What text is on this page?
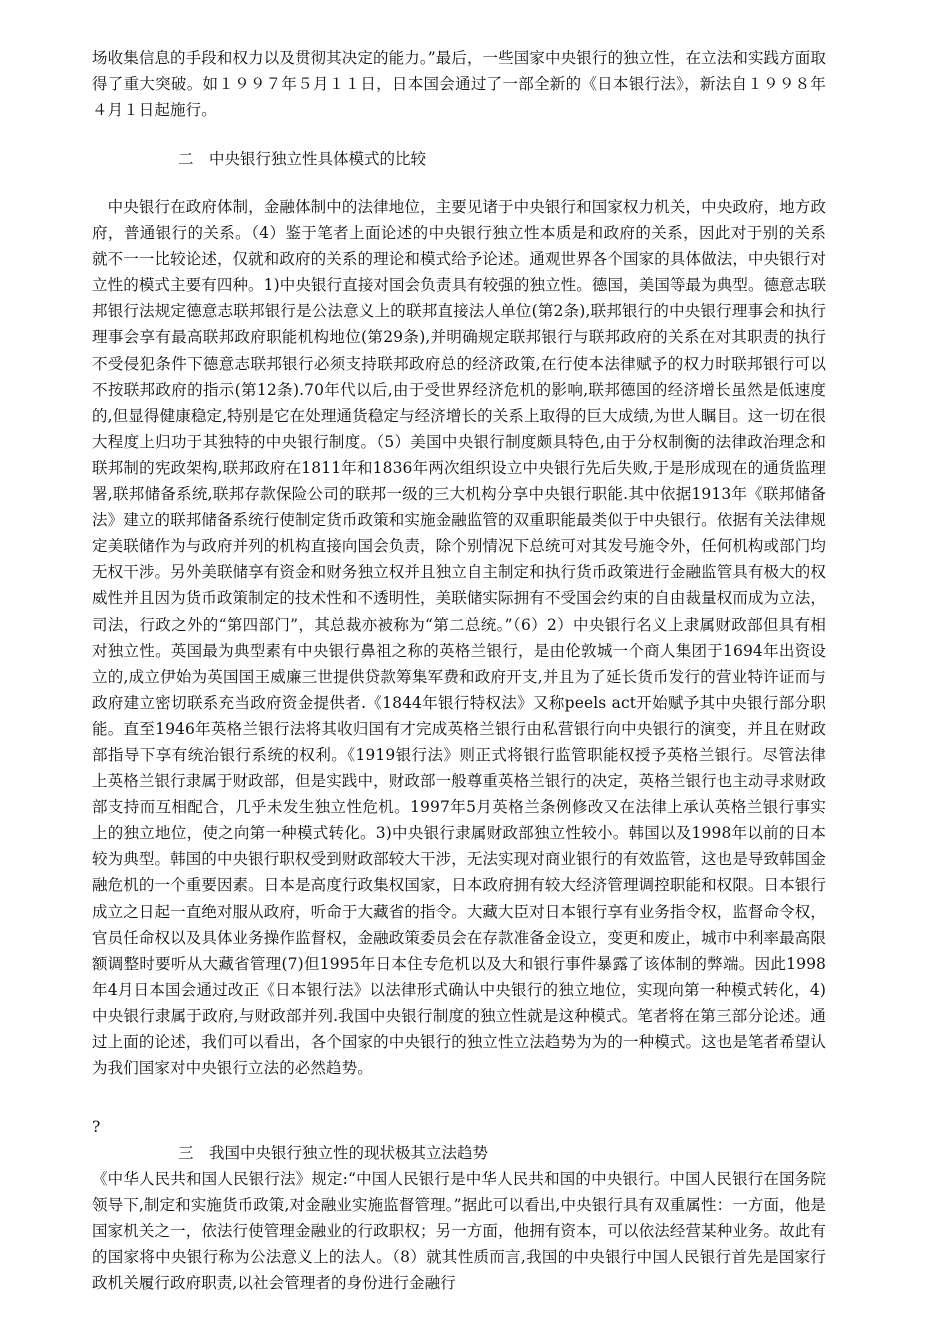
场收集信息的手段和权力以及贯彻其决定的能力。”最后，一些国家中央银行的独立性，在立法和实践方面取得了重大突破。如１９９７年５月１１日，日本国会通过了一部全新的《日本银行法》，新法自１９９８年４月１日起施行。
二　中央银行独立性具体模式的比较
　中央银行在政府体制，金融体制中的法律地位，主要见诸于中央银行和国家权力机关，中央政府，地方政府，普通银行的关系。（4）鉴于笔者上面论述的中央银行独立性本质是和政府的关系，因此对于别的关系就不一一比较论述，仅就和政府的关系的理论和模式给予论述。通观世界各个国家的具体做法，中央银行对立性的模式主要有四种。1)中央银行直接对国会负责具有较强的独立性。德国，美国等最为典型。德意志联邦银行法规定德意志联邦银行是公法意义上的联邦直接法人单位(第2条),联邦银行的中央银行理事会和执行理事会享有最高联邦政府职能机构地位(第29条),并明确规定联邦银行与联邦政府的关系在对其职责的执行不受侵犯条件下德意志联邦银行必须支持联邦政府总的经济政策,在行使本法律赋予的权力时联邦银行可以不按联邦政府的指示(第12条).70年代以后,由于受世界经济危机的影响,联邦德国的经济增长虽然是低速度的,但显得健康稳定,特别是它在处理通货稳定与经济增长的关系上取得的巨大成绩,为世人瞩目。这一切在很大程度上归功于其独特的中央银行制度。（5）美国中央银行制度颇具特色,由于分权制衡的法律政治理念和联邦制的宪政架构,联邦政府在1811年和1836年两次组织设立中央银行先后失败,于是形成现在的通货监理署,联邦储备系统,联邦存款保险公司的联邦一级的三大机构分享中央银行职能.其中依据1913年《联邦储备法》建立的联邦储备系统行使制定货币政策和实施金融监管的双重职能最类似于中央银行。依据有关法律规定美联储作为与政府并列的机构直接向国会负责，除个别情况下总统可对其发号施令外，任何机构或部门均无权干涉。另外美联储享有资金和财务独立权并且独立自主制定和执行货币政策进行金融监管具有极大的权威性并且因为货币政策制定的技术性和不透明性，美联储实际拥有不受国会约束的自由裁量权而成为立法，司法，行政之外的“第四部门”，其总裁亦被称为“第二总统。”（6）2）中央银行名义上隶属财政部但具有相对独立性。英国最为典型素有中央银行鼻祖之称的英格兰银行，是由伦敦城一个商人集团于1694年出资设立的,成立伊始为英国国王威廉三世提供贷款筹集军费和政府开支,并且为了延长货币发行的营业特许证而与政府建立密切联系充当政府资金提供者.《1844年银行特权法》又称peels act开始赋予其中央银行部分职能。直至1946年英格兰银行法将其收归国有才完成英格兰银行由私营银行向中央银行的演变，并且在财政部指导下享有统治银行系统的权利。《1919银行法》则正式将银行监管职能权授予英格兰银行。尽管法律上英格兰银行隶属于财政部，但是实践中，财政部一般尊重英格兰银行的决定，英格兰银行也主动寻求财政部支持而互相配合，几乎未发生独立性危机。1997年5月英格兰条例修改又在法律上承认英格兰银行事实上的独立地位，使之向第一种模式转化。3)中央银行隶属财政部独立性较小。韩国以及1998年以前的日本较为典型。韩国的中央银行职权受到财政部较大干涉，无法实现对商业银行的有效监管，这也是导致韩国金融危机的一个重要因素。日本是高度行政集权国家，日本政府拥有较大经济管理调控职能和权限。日本银行成立之日起一直绝对服从政府，听命于大藏省的指令。大藏大臣对日本银行享有业务指令权，监督命令权，官员任命权以及具体业务操作监督权，金融政策委员会在存款准备金设立，变更和废止，城市中利率最高限额调整时要听从大藏省管理(7)但1995年日本住专危机以及大和银行事件暴露了该体制的弊端。因此1998年4月日本国会通过改正《日本银行法》以法律形式确认中央银行的独立地位，实现向第一种模式转化，4)中央银行隶属于政府,与财政部并列.我国中央银行制度的独立性就是这种模式。笔者将在第三部分论述。通过上面的论述，我们可以看出，各个国家的中央银行的独立性立法趋势为为的一种模式。这也是笔者希望认为我们国家对中央银行立法的必然趋势。
?
三　我国中央银行独立性的现状极其立法趋势
《中华人民共和国人民银行法》规定:“中国人民银行是中华人民共和国的中央银行。中国人民银行在国务院领导下,制定和实施货币政策,对金融业实施监督管理。”据此可以看出,中央银行具有双重属性：一方面，他是国家机关之一，依法行使管理金融业的行政职权；另一方面，他拥有资本，可以依法经营某种业务。故此有的国家将中央银行称为公法意义上的法人。（8）就其性质而言,我国的中央银行中国人民银行首先是国家行政机关履行政府职责,以社会管理者的身份进行金融行
